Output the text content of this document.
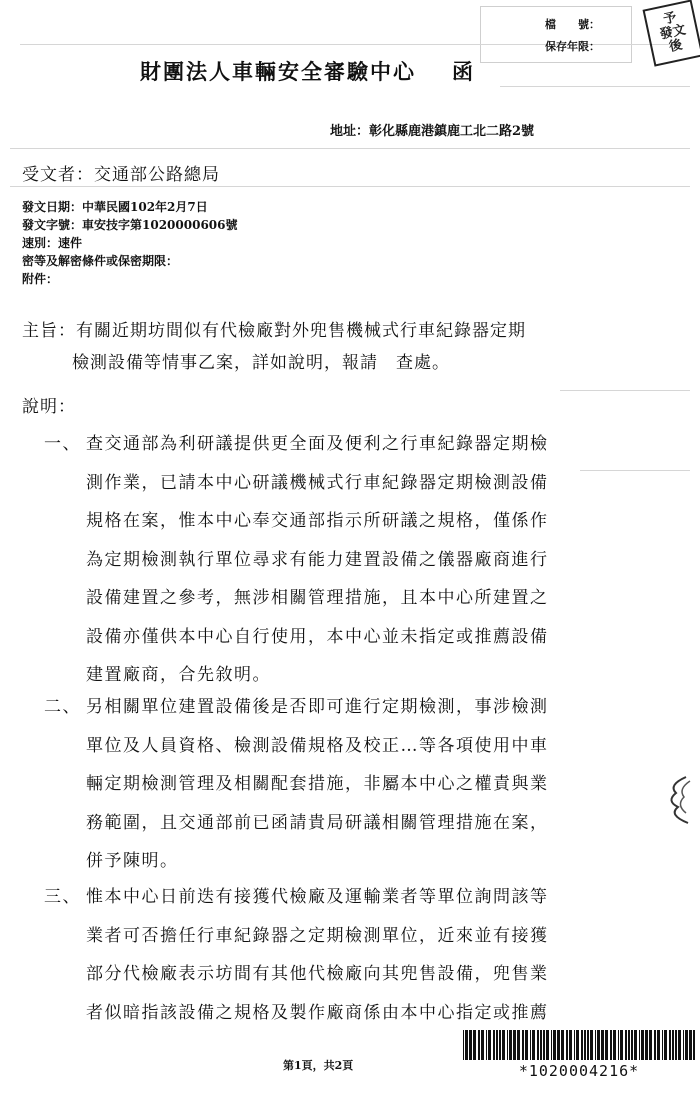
檔　　號：
保存年限：
予
發文
後
財團法人車輛安全審驗中心 函
地址：彰化縣鹿港鎮鹿工北二路2號
受文者：交通部公路總局
發文日期：中華民國102年2月7日
發文字號：車安技字第1020000606號
速別：速件
密等及解密條件或保密期限：
附件：
主旨：有關近期坊間似有代檢廠對外兜售機械式行車紀錄器定期
檢測設備等情事乙案，詳如說明，報請　查處。
說明：
一、 查交通部為利研議提供更全面及便利之行車紀錄器定期檢
測作業，已請本中心研議機械式行車紀錄器定期檢測設備
規格在案，惟本中心奉交通部指示所研議之規格，僅係作
為定期檢測執行單位尋求有能力建置設備之儀器廠商進行
設備建置之參考，無涉相關管理措施，且本中心所建置之
設備亦僅供本中心自行使用，本中心並未指定或推薦設備
建置廠商，合先敘明。
二、 另相關單位建置設備後是否即可進行定期檢測，事涉檢測
單位及人員資格、檢測設備規格及校正…等各項使用中車
輛定期檢測管理及相關配套措施，非屬本中心之權責與業
務範圍，且交通部前已函請貴局研議相關管理措施在案，
併予陳明。
三、 惟本中心日前迭有接獲代檢廠及運輸業者等單位詢問該等
業者可否擔任行車紀錄器之定期檢測單位，近來並有接獲
部分代檢廠表示坊間有其他代檢廠向其兜售設備，兜售業
者似暗指該設備之規格及製作廠商係由本中心指定或推薦
第1頁，共2頁	*1020004216*
